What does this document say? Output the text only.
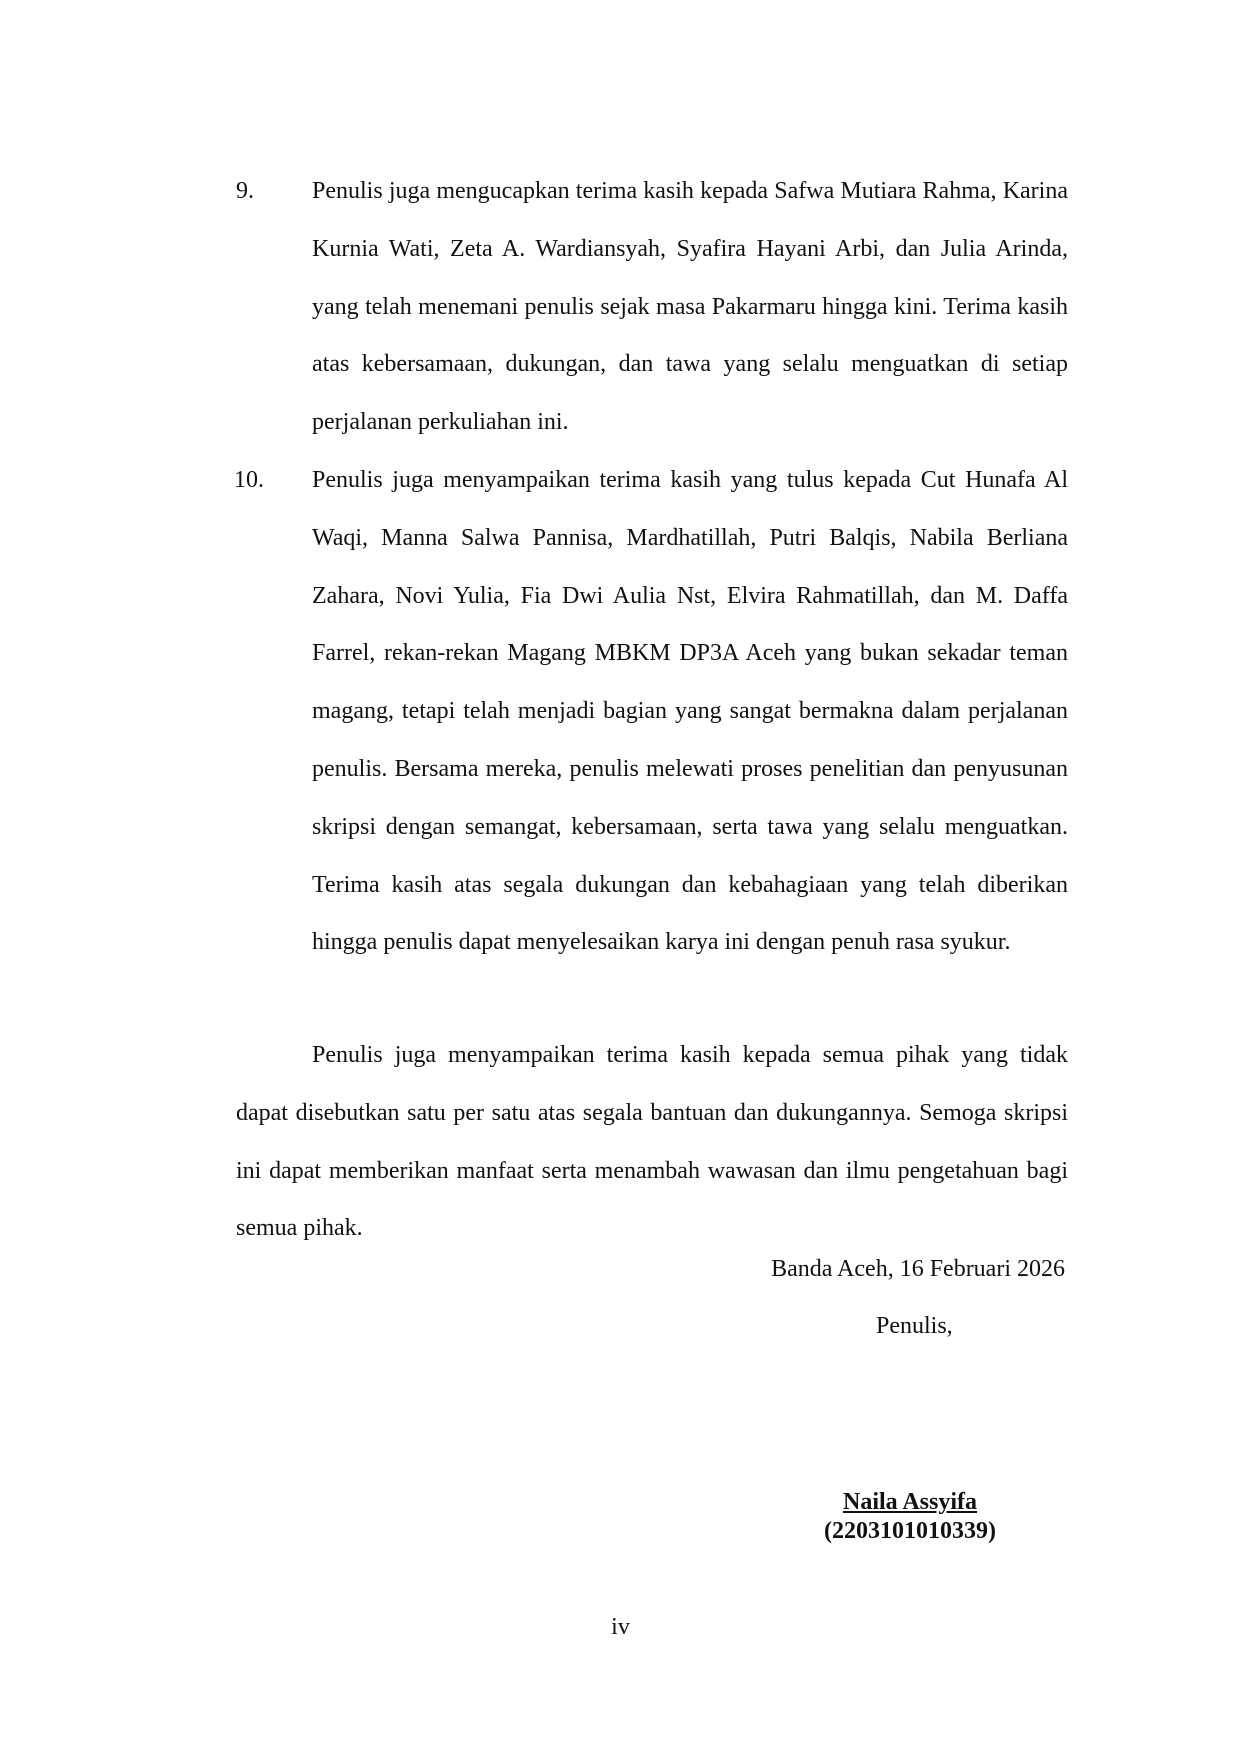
9.	Penulis juga mengucapkan terima kasih kepada Safwa Mutiara Rahma, Karina Kurnia Wati, Zeta A. Wardiansyah, Syafira Hayani Arbi, dan Julia Arinda, yang telah menemani penulis sejak masa Pakarmaru hingga kini. Terima kasih atas kebersamaan, dukungan, dan tawa yang selalu menguatkan di setiap perjalanan perkuliahan ini.
10.	Penulis juga menyampaikan terima kasih yang tulus kepada Cut Hunafa Al Waqi, Manna Salwa Pannisa, Mardhatillah, Putri Balqis, Nabila Berliana Zahara, Novi Yulia, Fia Dwi Aulia Nst, Elvira Rahmatillah, dan M. Daffa Farrel, rekan-rekan Magang MBKM DP3A Aceh yang bukan sekadar teman magang, tetapi telah menjadi bagian yang sangat bermakna dalam perjalanan penulis. Bersama mereka, penulis melewati proses penelitian dan penyusunan skripsi dengan semangat, kebersamaan, serta tawa yang selalu menguatkan. Terima kasih atas segala dukungan dan kebahagiaan yang telah diberikan hingga penulis dapat menyelesaikan karya ini dengan penuh rasa syukur.

Penulis juga menyampaikan terima kasih kepada semua pihak yang tidak dapat disebutkan satu per satu atas segala bantuan dan dukungannya. Semoga skripsi ini dapat memberikan manfaat serta menambah wawasan dan ilmu pengetahuan bagi semua pihak.

Banda Aceh, 16 Februari 2026

Penulis,

Naila Assyifa
(2203101010339)

iv
